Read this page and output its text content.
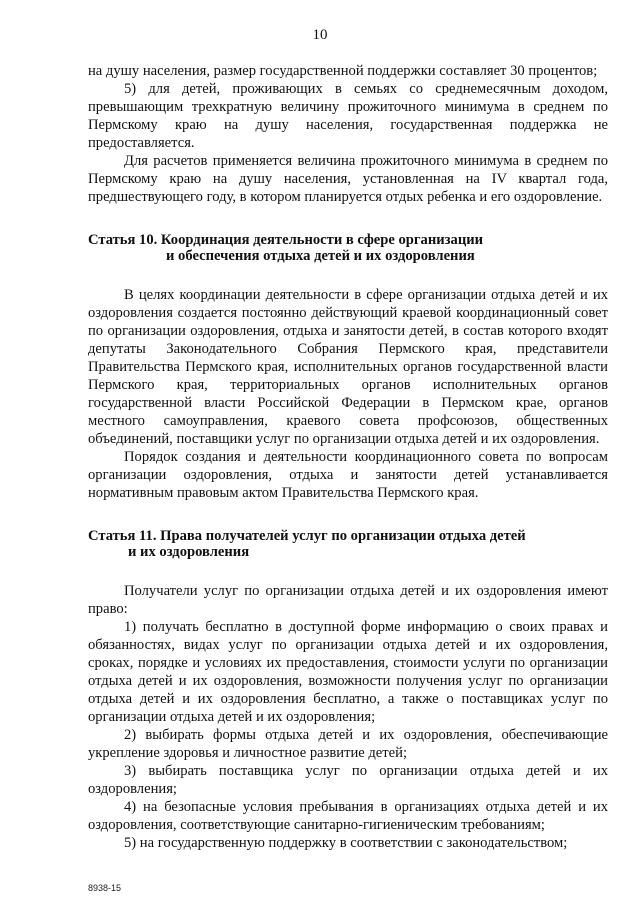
10

на душу населения, размер государственной поддержки составляет 30 процентов;

5) для детей, проживающих в семьях со среднемесячным доходом, превышающим трехкратную величину прожиточного минимума в среднем по Пермскому краю на душу населения, государственная поддержка не предоставляется.

Для расчетов применяется величина прожиточного минимума в среднем по Пермскому краю на душу населения, установленная на IV квартал года, предшествующего году, в котором планируется отдых ребенка и его оздоровление.

Статья 10. Координация деятельности в сфере организации
и обеспечения отдыха детей и их оздоровления

В целях координации деятельности в сфере организации отдыха детей и их оздоровления создается постоянно действующий краевой координационный совет по организации оздоровления, отдыха и занятости детей, в состав которого входят депутаты Законодательного Собрания Пермского края, представители Правительства Пермского края, исполнительных органов государственной власти Пермского края, территориальных органов исполнительных органов государственной власти Российской Федерации в Пермском крае, органов местного самоуправления, краевого совета профсоюзов, общественных объединений, поставщики услуг по организации отдыха детей и их оздоровления.

Порядок создания и деятельности координационного совета по вопросам организации оздоровления, отдыха и занятости детей устанавливается нормативным правовым актом Правительства Пермского края.

Статья 11. Права получателей услуг по организации отдыха детей
и их оздоровления

Получатели услуг по организации отдыха детей и их оздоровления имеют право:

1) получать бесплатно в доступной форме информацию о своих правах и обязанностях, видах услуг по организации отдыха детей и их оздоровления, сроках, порядке и условиях их предоставления, стоимости услуги по организации отдыха детей и их оздоровления, возможности получения услуг по организации отдыха детей и их оздоровления бесплатно, а также о поставщиках услуг по организации отдыха детей и их оздоровления;

2) выбирать формы отдыха детей и их оздоровления, обеспечивающие укрепление здоровья и личностное развитие детей;

3) выбирать поставщика услуг по организации отдыха детей и их оздоровления;

4) на безопасные условия пребывания в организациях отдыха детей и их оздоровления, соответствующие санитарно-гигиеническим требованиям;

5) на государственную поддержку в соответствии с законодательством;

8938-15
